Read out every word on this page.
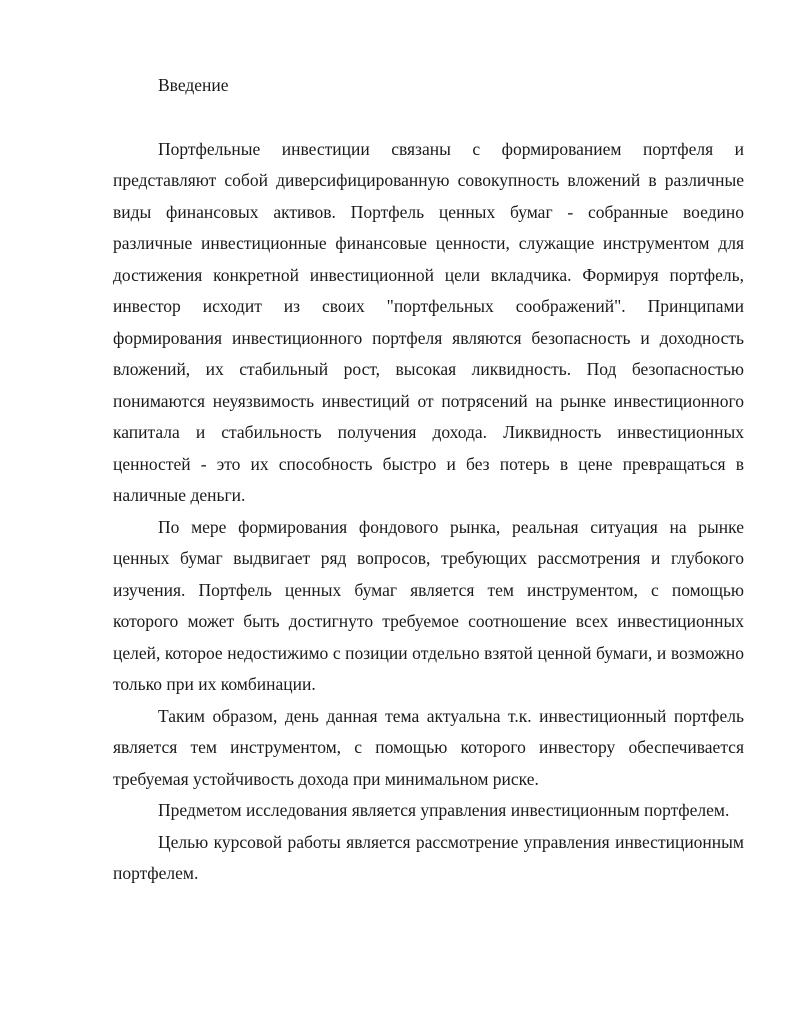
Введение

Портфельные инвестиции связаны с формированием портфеля и представляют собой диверсифицированную совокупность вложений в различные виды финансовых активов. Портфель ценных бумаг - собранные воедино различные инвестиционные финансовые ценности, служащие инструментом для достижения конкретной инвестиционной цели вкладчика. Формируя портфель, инвестор исходит из своих "портфельных соображений". Принципами формирования инвестиционного портфеля являются безопасность и доходность вложений, их стабильный рост, высокая ликвидность. Под безопасностью понимаются неуязвимость инвестиций от потрясений на рынке инвестиционного капитала и стабильность получения дохода. Ликвидность инвестиционных ценностей - это их способность быстро и без потерь в цене превращаться в наличные деньги.

По мере формирования фондового рынка, реальная ситуация на рынке ценных бумаг выдвигает ряд вопросов, требующих рассмотрения и глубокого изучения. Портфель ценных бумаг является тем инструментом, с помощью которого может быть достигнуто требуемое соотношение всех инвестиционных целей, которое недостижимо с позиции отдельно взятой ценной бумаги, и возможно только при их комбинации.

Таким образом, день данная тема актуальна т.к. инвестиционный портфель является тем инструментом, с помощью которого инвестору обеспечивается требуемая устойчивость дохода при минимальном риске.

Предметом исследования является управления инвестиционным портфелем.

Целью курсовой работы является рассмотрение управления инвестиционным портфелем.
